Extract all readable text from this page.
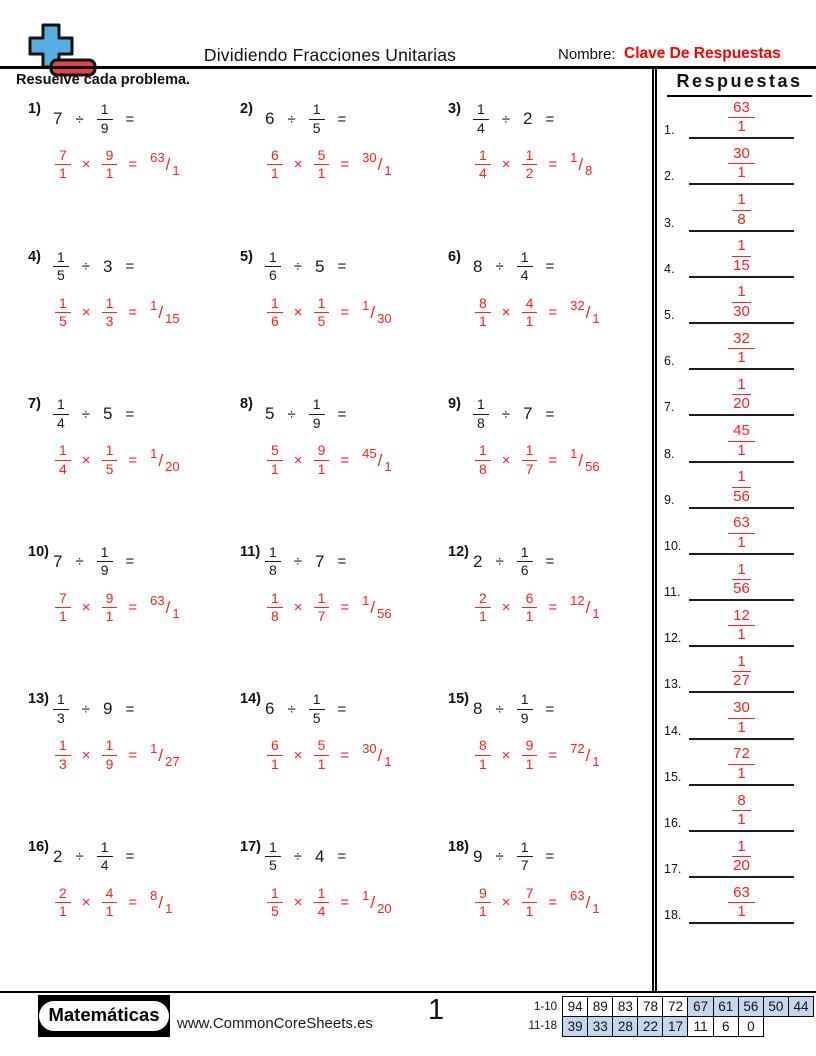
Dividiendo Fracciones Unitarias	Nombre: Clave De Respuestas
Resuelve cada problema.
1) $7 \div \frac{1}{9}$ =
$\frac{7}{1} \times \frac{9}{1} = 63 / 1$
2) $6 \div \frac{1}{5}$ =
$\frac{6}{1} \times \frac{5}{1} = 30 / 1$
$3) \frac{1}{4} \div 2$ =
$\frac{1}{4} \times \frac{1}{2} = 1 / 8$
$4) \frac{1}{5} \div 3$ =
$\frac{1}{5} \times \frac{1}{3} = 1 / 15$
$5) \frac{1}{6} \div 5$ =
$\frac{1}{6} \times \frac{1}{5} = 1 / 30$
6) $8 \div \frac{1}{4}$ =
$\frac{8}{1} \times \frac{4}{1} = 32 / 1$
$7) \frac{1}{4} \div 5$ =
$\frac{1}{4} \times \frac{1}{5} = 1 / 20$
8) $5 \div \frac{1}{9}$ =
$\frac{5}{1} \times \frac{9}{1} = 45 / 1$
$9) \frac{1}{8} \div 7$ =
$\frac{1}{8} \times \frac{1}{7} = 1 / 56$
10) $7 \div \frac{1}{9}$ =
$\frac{7}{1} \times \frac{9}{1} = 63 / 1$
$11) \frac{1}{8} \div 7$ =
$\frac{1}{8} \times \frac{1}{7} = 1 / 56$
12) $2 \div \frac{1}{6}$ =
$\frac{2}{1} \times \frac{6}{1} = 12 / 1$
$13) \frac{1}{3} \div 9$ =
$\frac{1}{3} \times \frac{1}{9} = 1 / 27$
14) $6 \div \frac{1}{5}$ =
$\frac{6}{1} \times \frac{5}{1} = 30 / 1$
15) $8 \div \frac{1}{9}$ =
$\frac{8}{1} \times \frac{9}{1} = 72 / 1$
16) $2 \div \frac{1}{4}$ =
$\frac{2}{1} \times \frac{4}{1} = 8 / 1$
$17) \frac{1}{5} \div 4$ =
$\frac{1}{5} \times \frac{1}{4} = 1 / 20$
18) $9 \div \frac{1}{7}$ =
$\frac{9}{1} \times \frac{7}{1} = 63 / 1$
Respuestas
1.	$\frac{63}{1}$
2.	$\frac{30}{1}$
3.	$\frac{1}{8}$
4.	$\frac{1}{15}$
5.	$\frac{1}{30}$
6.	$\frac{32}{1}$
7.	$\frac{1}{20}$
8.	$\frac{45}{1}$
9.	$\frac{1}{56}$
10.	$\frac{63}{1}$
11.	$\frac{1}{56}$
12.	$\frac{12}{1}$
13.	$\frac{1}{27}$
14.	$\frac{30}{1}$
15.	$\frac{72}{1}$
16.	$\frac{8}{1}$
17.	$\frac{1}{20}$
18.	$\frac{63}{1}$
Matemáticas	www.CommonCoreSheets.es 1	1-10 94 89 83 78 72 67 61 56 50 44
11-18 39 33 28 22 17 11	6	0
